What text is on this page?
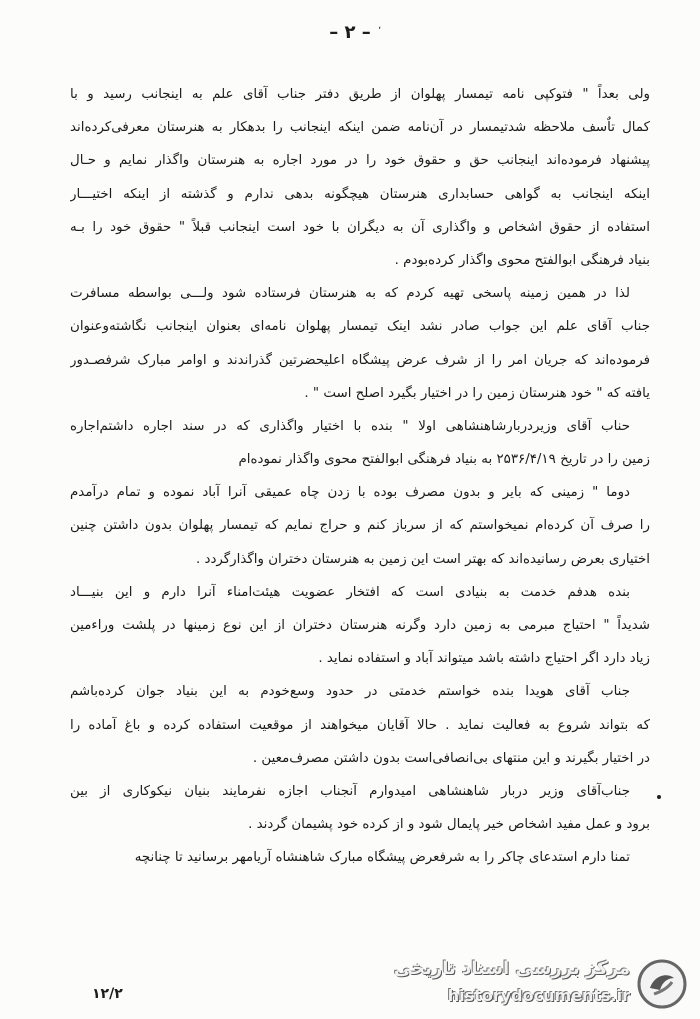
– ۲ – ٬
ولی بعداً " فتوکپی نامه تیمسار پهلوان از طریق دفتر جناب آقای علم به اینجانب رسید و با
کمال تاٌسف ملاحظه شدتیمسار در آن‌نامه ضمن اینکه اینجانب را بدهکار به هنرستان معرفی‌کرده‌اند
پیشنهاد فرموده‌اند اینجانب حق و حقوق خود را در مورد اجاره به هنرستان واگذار نمایم و حـال
اینکه اینجانب به گواهی حسابداری هنرستان هیچگونه بدهی ندارم و گذشته از اینکه اختیـــار
استفاده از حقوق اشخاص و واگذاری آن به دیگران با خود است اینجانب قبلاً " حقوق خود را بـه
بنیاد فرهنگی ابوالفتح محوی واگذار کرده‌بودم .
لذا در همین زمینه پاسخی تهیه کردم که به هنرستان فرستاده شود ولـــی بواسطه مسافرت
جناب آقای علم این جواب صادر نشد اینک تیمسار پهلوان نامه‌ای بعنوان اینجانب نگاشته‌وعنوان
فرموده‌اند که جریان امر را از شرف عرض پیشگاه اعلیحضرتین گذراندند و اوامر مبارک شرفصـدور
یافته که " خود هنرستان زمین را در اختیار بگیرد اصلح است " .
حناب آقای وزیردربارشاهنشاهی اولا " بنده با اختیار واگذاری که در سند اجاره داشتم‌اجاره
زمین را در تاریخ ۲۵۳۶/۴/۱۹ به بنیاد فرهنگی ابوالفتح محوی واگذار نموده‌ام
دوما " زمینی که بایر و بدون مصرف بوده با زدن چاه عمیقی آنرا آباد نموده و تمام درآمدم
را صرف آن کرده‌ام نمیخواستم که از سرباز کنم و حراج نمایم که تیمسار پهلوان بدون داشتن چنین
اختیاری بعرض رسانیده‌اند که بهتر است این زمین به هنرستان دختران واگذارگردد .
بنده هدفم خدمت به بنیادی است که افتخار عضویت هیئت‌امناء آنرا دارم و این بنیـــاد
شدیداً " احتیاج مبرمی به زمین دارد وگرنه هنرستان دختران از این نوع زمینها در پلشت وراءمین
زیاد دارد اگر احتیاج داشته باشد میتواند آباد و استفاده نماید .
جناب آقای هویدا بنده خواستم خدمتی در حدود وسع‌خودم به این بنیاد جوان کرده‌باشم
که بتواند شروع به فعالیت نماید . حالا آقایان میخواهند از موقعیت استفاده کرده و باغ آماده را
در اختیار بگیرند و این منتهای بی‌انصافی‌است بدون داشتن مصرف‌معین .
جناب‌آقای وزیر دربار شاهنشاهی امیدوارم آنجناب اجازه نفرمایند بنیان نیکوکاری از بین
برود و عمل مفید اشخاص خیر پایمال شود و از کرده خود پشیمان گردند .
تمنا دارم استدعای چاکر را به شرفعرض پیشگاه مبارک شاهنشاه آریامهر برسانید تا چنانچه
۱۲/۲
مرکز بررسی اسناد تاریخی
historydocuments.ir
